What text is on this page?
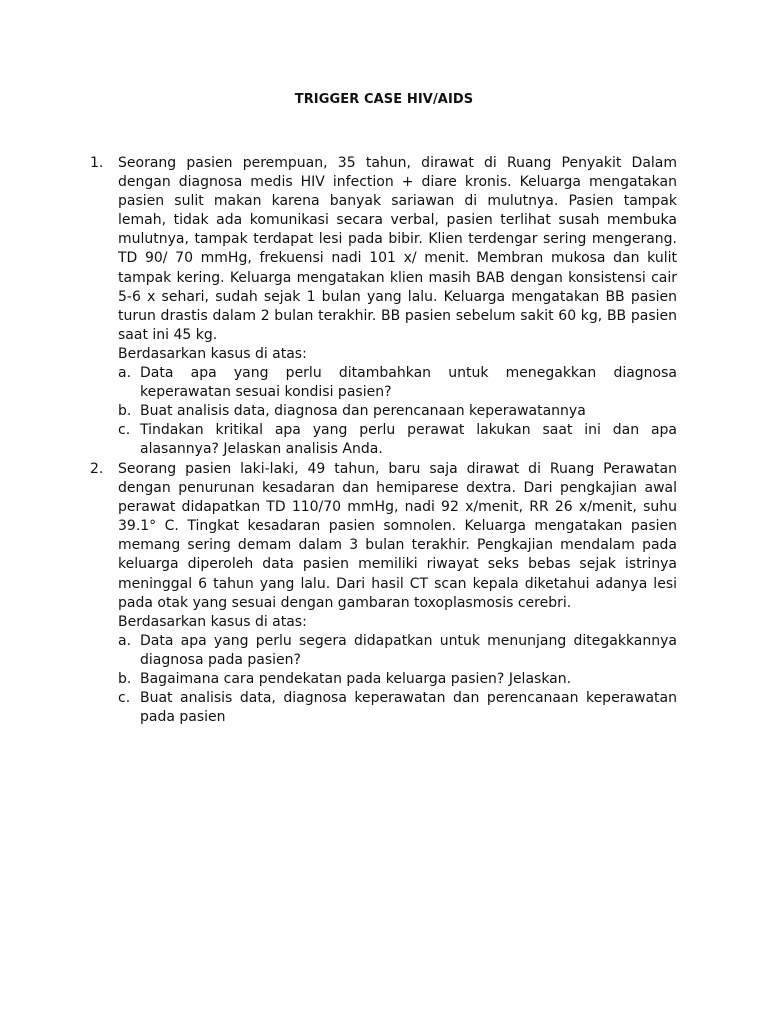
TRIGGER CASE HIV/AIDS
1.	Seorang pasien perempuan, 35 tahun, dirawat di Ruang Penyakit Dalam dengan diagnosa medis HIV infection + diare kronis. Keluarga mengatakan pasien sulit makan karena banyak sariawan di mulutnya. Pasien tampak lemah, tidak ada komunikasi secara verbal, pasien terlihat susah membuka mulutnya, tampak terdapat lesi pada bibir. Klien terdengar sering mengerang. TD 90/ 70 mmHg, frekuensi nadi 101 x/ menit. Membran mukosa dan kulit tampak kering. Keluarga mengatakan klien masih BAB dengan konsistensi cair 5-6 x sehari, sudah sejak 1 bulan yang lalu. Keluarga mengatakan BB pasien turun drastis dalam 2 bulan terakhir. BB pasien sebelum sakit 60 kg, BB pasien saat ini 45 kg.
Berdasarkan kasus di atas:
a. Data apa yang perlu ditambahkan untuk menegakkan diagnosa keperawatan sesuai kondisi pasien?
b. Buat analisis data, diagnosa dan perencanaan keperawatannya
c. Tindakan kritikal apa yang perlu perawat lakukan saat ini dan apa alasannya? Jelaskan analisis Anda.
2.	Seorang pasien laki-laki, 49 tahun, baru saja dirawat di Ruang Perawatan dengan penurunan kesadaran dan hemiparese dextra. Dari pengkajian awal perawat didapatkan TD 110/70 mmHg, nadi 92 x/menit, RR 26 x/menit, suhu 39.1° C. Tingkat kesadaran pasien somnolen. Keluarga mengatakan pasien memang sering demam dalam 3 bulan terakhir. Pengkajian mendalam pada keluarga diperoleh data pasien memiliki riwayat seks bebas sejak istrinya meninggal 6 tahun yang lalu. Dari hasil CT scan kepala diketahui adanya lesi pada otak yang sesuai dengan gambaran toxoplasmosis cerebri.
Berdasarkan kasus di atas:
a. Data apa yang perlu segera didapatkan untuk menunjang ditegakkannya diagnosa pada pasien?
b. Bagaimana cara pendekatan pada keluarga pasien? Jelaskan.
c. Buat analisis data, diagnosa keperawatan dan perencanaan keperawatan pada pasien
